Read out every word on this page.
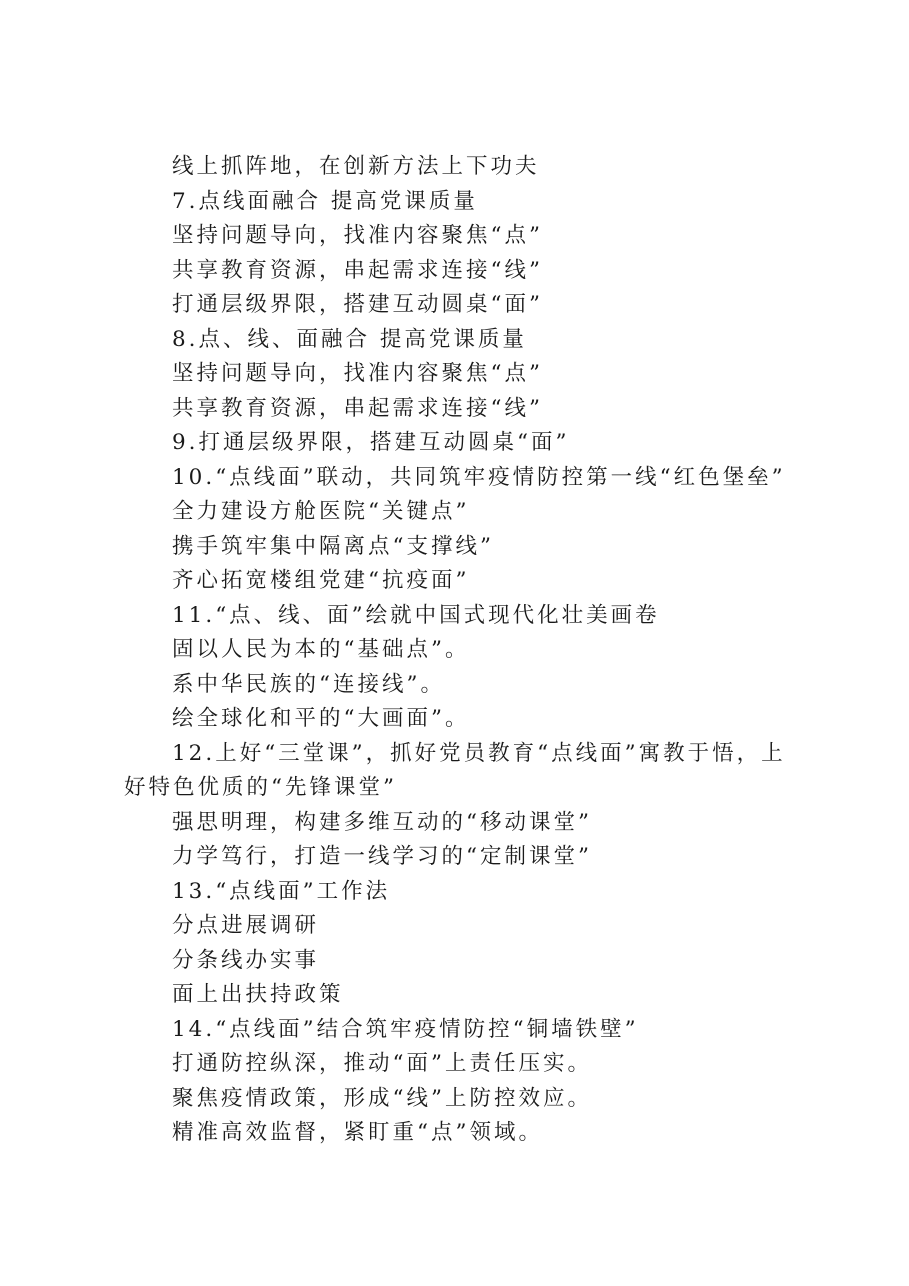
线上抓阵地，在创新方法上下功夫

7.点线面融合 提高党课质量

坚持问题导向，找准内容聚焦“点”

共享教育资源，串起需求连接“线”

打通层级界限，搭建互动圆桌“面”

8.点、线、面融合 提高党课质量

坚持问题导向，找准内容聚焦“点”

共享教育资源，串起需求连接“线”

9.打通层级界限，搭建互动圆桌“面”

10.“点线面”联动，共同筑牢疫情防控第一线“红色堡垒”

全力建设方舱医院“关键点”

携手筑牢集中隔离点“支撑线”

齐心拓宽楼组党建“抗疫面”

11.“点、线、面”绘就中国式现代化壮美画卷

固以人民为本的“基础点”。

系中华民族的“连接线”。

绘全球化和平的“大画面”。

12.上好“三堂课”，抓好党员教育“点线面”寓教于悟，上好特色优质的“先锋课堂”

强思明理，构建多维互动的“移动课堂”

力学笃行，打造一线学习的“定制课堂”

13.“点线面”工作法

分点进展调研

分条线办实事

面上出扶持政策

14.“点线面”结合筑牢疫情防控“铜墙铁壁”

打通防控纵深，推动“面”上责任压实。

聚焦疫情政策，形成“线”上防控效应。

精准高效监督，紧盯重“点”领域。
